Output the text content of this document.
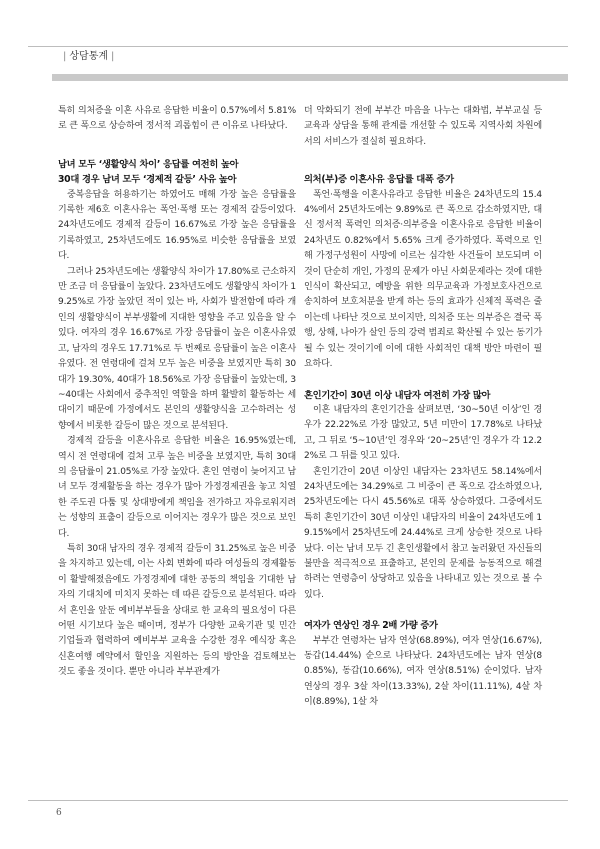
| 상담통계 |

특히 의처증을 이혼 사유로 응답한 비율이 0.57%에서 5.81%로 큰 폭으로 상승하여 정서적 괴롭힘이 큰 이유로 나타났다.

남녀 모두 ‘생활양식 차이’ 응답률 여전히 높아
30대 경우 남녀 모두 ‘경제적 갈등’ 사유 높아

중복응답을 허용하기는 하였어도 매해 가장 높은 응답률을 기록한 제6호 이혼사유는 폭언·폭행 또는 경제적 갈등이었다. 24차년도에도 경제적 갈등이 16.67%로 가장 높은 응답률을 기록하였고, 25차년도에도 16.95%로 비슷한 응답률을 보였다.

그러나 25차년도에는 생활양식 차이가 17.80%로 근소하지만 조금 더 응답률이 높았다. 23차년도에도 생활양식 차이가 19.25%로 가장 높았던 적이 있는 바, 사회가 발전함에 따라 개인의 생활양식이 부부생활에 지대한 영향을 주고 있음을 알 수 있다. 여자의 경우 16.67%로 가장 응답률이 높은 이혼사유였고, 남자의 경우도 17.71%로 두 번째로 응답률이 높은 이혼사유였다. 전 연령대에 걸쳐 모두 높은 비중을 보였지만 특히 30대가 19.30%, 40대가 18.56%로 가장 응답률이 높았는데, 3~40대는 사회에서 중추적인 역할을 하며 활발히 활동하는 세대이기 때문에 가정에서도 본인의 생활양식을 고수하려는 성향에서 비롯한 갈등이 많은 것으로 분석된다.

경제적 갈등을 이혼사유로 응답한 비율은 16.95%였는데, 역시 전 연령대에 걸쳐 고루 높은 비중을 보였지만, 특히 30대의 응답률이 21.05%로 가장 높았다. 혼인 연령이 늦어지고 남녀 모두 경제활동을 하는 경우가 많아 가정경제권을 놓고 치열한 주도권 다툼 및 상대방에게 책임을 전가하고 자유로워지려는 성향의 표출이 갈등으로 이어지는 경우가 많은 것으로 보인다.

특히 30대 남자의 경우 경제적 갈등이 31.25%로 높은 비중을 차지하고 있는데, 이는 사회 변화에 따라 여성들의 경제활동이 활발해졌음에도 가정경제에 대한 공동의 책임을 기대한 남자의 기대치에 미치지 못하는 데 따른 갈등으로 분석된다. 따라서 혼인을 앞둔 예비부부들을 상대로 한 교육의 필요성이 다른 어떤 시기보다 높은 때이며, 정부가 다양한 교육기관 및 민간 기업들과 협력하여 예비부부 교육을 수강한 경우 예식장 혹은 신혼여행 예약에서 할인을 지원하는 등의 방안을 검토해보는 것도 좋을 것이다. 뿐만 아니라 부부관계가

더 악화되기 전에 부부간 마음을 나누는 대화법, 부부교실 등 교육과 상담을 통해 관계를 개선할 수 있도록 지역사회 차원에서의 서비스가 절실히 필요하다.

의처(부)증 이혼사유 응답률 대폭 증가

폭언·폭행을 이혼사유라고 응답한 비율은 24차년도의 15.44%에서 25년차도에는 9.89%로 큰 폭으로 감소하였지만, 대신 정서적 폭력인 의처증·의부증을 이혼사유로 응답한 비율이 24차년도 0.82%에서 5.65% 크게 증가하였다. 폭력으로 인해 가정구성원이 사망에 이르는 심각한 사건들이 보도되며 이것이 단순히 개인, 가정의 문제가 아닌 사회문제라는 것에 대한 인식이 확산되고, 예방을 위한 의무교육과 가정보호사건으로 송치하여 보호처분을 받게 하는 등의 효과가 신체적 폭력은 줄이는데 나타난 것으로 보이지만, 의처증 또는 의부증은 결국 폭행, 상해, 나아가 살인 등의 강력 범죄로 확산될 수 있는 동기가 될 수 있는 것이기에 이에 대한 사회적인 대책 방안 마련이 필요하다.

혼인기간이 30년 이상 내담자 여전히 가장 많아

이혼 내담자의 혼인기간을 살펴보면, ‘30~50년 이상’인 경우가 22.22%로 가장 많았고, 5년 미만이 17.78%로 나타났고, 그 뒤로 ‘5~10년’인 경우와 ‘20~25년’인 경우가 각 12.22%로 그 뒤를 잇고 있다.

혼인기간이 20년 이상인 내담자는 23차년도 58.14%에서 24차년도에는 34.29%로 그 비중이 큰 폭으로 감소하였으나, 25차년도에는 다시 45.56%로 대폭 상승하였다. 그중에서도 특히 혼인기간이 30년 이상인 내담자의 비율이 24차년도에 19.15%에서 25차년도에 24.44%로 크게 상승한 것으로 나타났다. 이는 남녀 모두 긴 혼인생활에서 참고 눌러왔던 자신들의 불만을 적극적으로 표출하고, 본인의 문제를 능동적으로 해결하려는 연령층이 상당하고 있음을 나타내고 있는 것으로 볼 수 있다.

여자가 연상인 경우 2배 가량 증가

부부간 연령차는 남자 연상(68.89%), 여자 연상(16.67%), 동갑(14.44%) 순으로 나타났다. 24차년도에는 남자 연상(80.85%), 동갑(10.66%), 여자 연상(8.51%) 순이었다. 남자 연상의 경우 3살 차이(13.33%), 2살 차이(11.11%), 4살 차이(8.89%), 1살 차

6
